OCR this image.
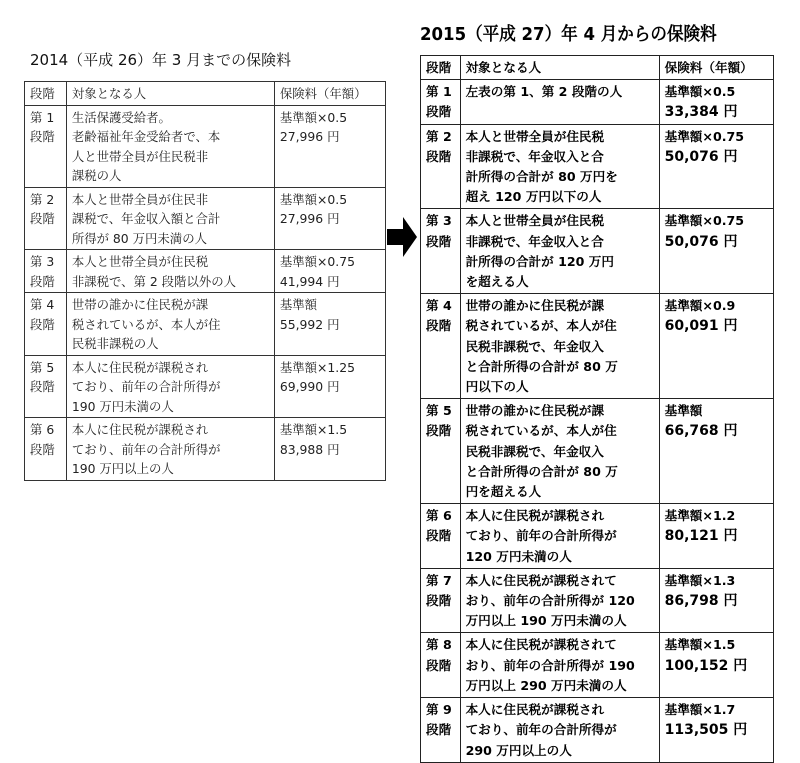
2014（平成 26）年 3 月までの保険料
2015（平成 27）年 4 月からの保険料
段階	対象となる人	保険料（年額）

第 1
段階	生活保護受給者。
老齢福祉年金受給者で、本
人と世帯全員が住民税非
課税の人	基準額×0.5
27,996 円

第 2
段階	本人と世帯全員が住民非
課税で、年金収入額と合計
所得が 80 万円未満の人	基準額×0.5
27,996 円

第 3
段階	本人と世帯全員が住民税
非課税で、第 2 段階以外の人	基準額×0.75
41,994 円

第 4
段階	世帯の誰かに住民税が課
税されているが、本人が住
民税非課税の人	基準額
55,992 円

第 5
段階	本人に住民税が課税され
ており、前年の合計所得が
190 万円未満の人	基準額×1.25
69,990 円

第 6
段階	本人に住民税が課税され
ており、前年の合計所得が
190 万円以上の人	基準額×1.5
83,988 円
段階	対象となる人	保険料（年額）

第 1
段階	左表の第 1、第 2 段階の人	基準額×0.5
33,384 円

第 2
段階	本人と世帯全員が住民税
非課税で、年金収入と合
計所得の合計が 80 万円を
超え 120 万円以下の人	基準額×0.75
50,076 円

第 3
段階	本人と世帯全員が住民税
非課税で、年金収入と合
計所得の合計が 120 万円
を超える人	基準額×0.75
50,076 円

第 4
段階	世帯の誰かに住民税が課
税されているが、本人が住
民税非課税で、年金収入
と合計所得の合計が 80 万
円以下の人	基準額×0.9
60,091 円

第 5
段階	世帯の誰かに住民税が課
税されているが、本人が住
民税非課税で、年金収入
と合計所得の合計が 80 万
円を超える人	基準額
66,768 円

第 6
段階	本人に住民税が課税され
ており、前年の合計所得が
120 万円未満の人	基準額×1.2
80,121 円

第 7
段階	本人に住民税が課税されて
おり、前年の合計所得が 120
万円以上 190 万円未満の人	基準額×1.3
86,798 円

第 8
段階	本人に住民税が課税されて
おり、前年の合計所得が 190
万円以上 290 万円未満の人	基準額×1.5
100,152 円

第 9
段階	本人に住民税が課税され
ており、前年の合計所得が
290 万円以上の人	基準額×1.7
113,505 円
